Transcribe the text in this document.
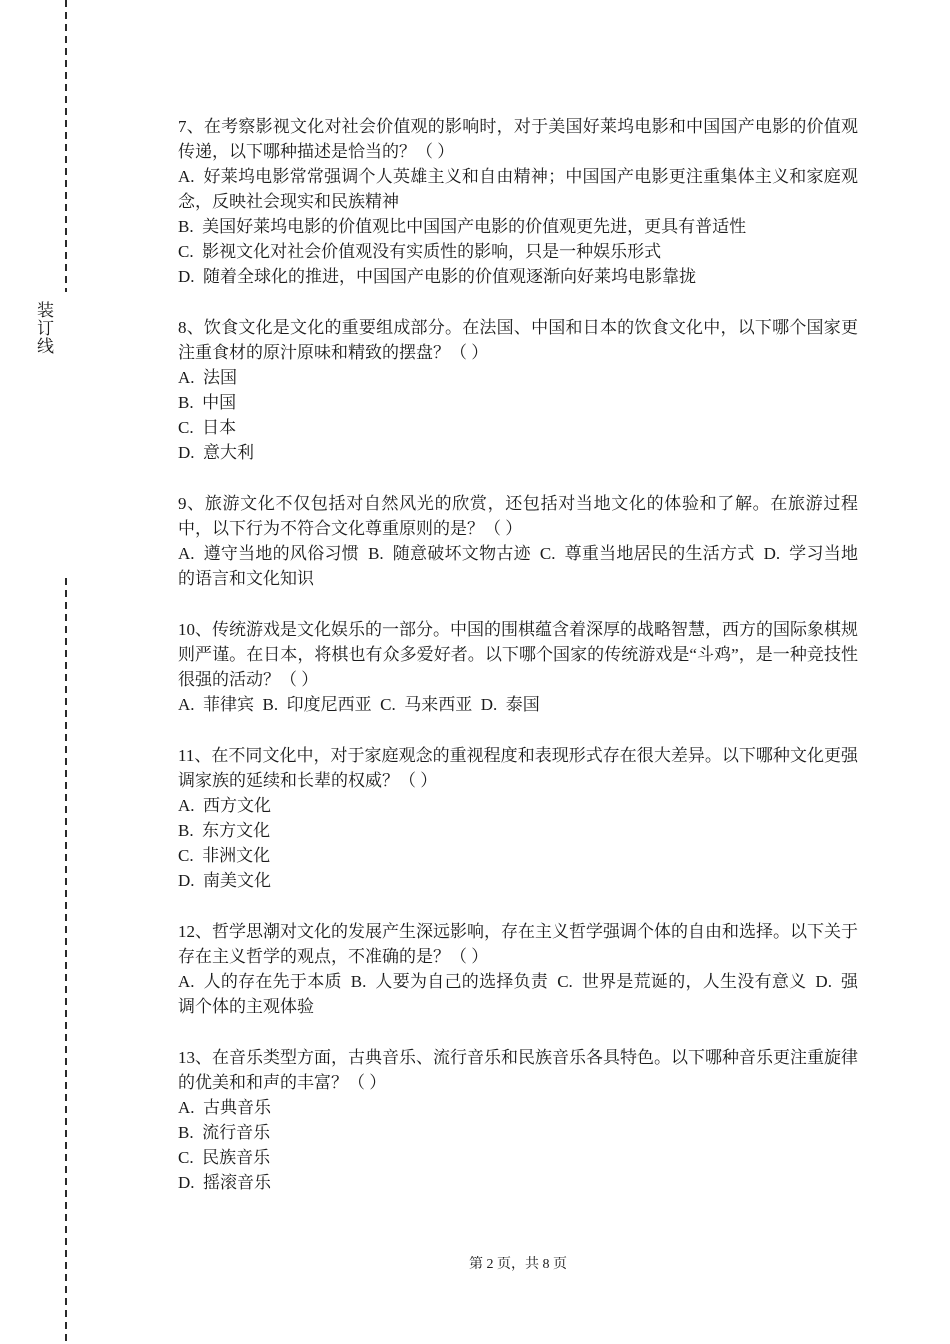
装订线

7、在考察影视文化对社会价值观的影响时，对于美国好莱坞电影和中国国产电影的价值观传递，以下哪种描述是恰当的？（ ）

A.  好莱坞电影常常强调个人英雄主义和自由精神；中国国产电影更注重集体主义和家庭观念，反映社会现实和民族精神

B.  美国好莱坞电影的价值观比中国国产电影的价值观更先进，更具有普适性

C.  影视文化对社会价值观没有实质性的影响，只是一种娱乐形式

D.  随着全球化的推进，中国国产电影的价值观逐渐向好莱坞电影靠拢

8、饮食文化是文化的重要组成部分。在法国、中国和日本的饮食文化中，以下哪个国家更注重食材的原汁原味和精致的摆盘？（ ）

A.  法国

B.  中国

C.  日本

D.  意大利

9、旅游文化不仅包括对自然风光的欣赏，还包括对当地文化的体验和了解。在旅游过程中，以下行为不符合文化尊重原则的是？（ ）

A.  遵守当地的风俗习惯  B.  随意破坏文物古迹  C.  尊重当地居民的生活方式  D.  学习当地的语言和文化知识

10、传统游戏是文化娱乐的一部分。中国的围棋蕴含着深厚的战略智慧，西方的国际象棋规则严谨。在日本，将棋也有众多爱好者。以下哪个国家的传统游戏是“斗鸡”，是一种竞技性很强的活动？（ ）

A.  菲律宾  B.  印度尼西亚  C.  马来西亚  D.  泰国

11、在不同文化中，对于家庭观念的重视程度和表现形式存在很大差异。以下哪种文化更强调家族的延续和长辈的权威？（ ）

A.  西方文化

B.  东方文化

C.  非洲文化

D.  南美文化

12、哲学思潮对文化的发展产生深远影响，存在主义哲学强调个体的自由和选择。以下关于存在主义哲学的观点，不准确的是？（ ）

A.  人的存在先于本质  B.  人要为自己的选择负责  C.  世界是荒诞的，人生没有意义  D.  强调个体的主观体验

13、在音乐类型方面，古典音乐、流行音乐和民族音乐各具特色。以下哪种音乐更注重旋律的优美和和声的丰富？（ ）

A.  古典音乐

B.  流行音乐

C.  民族音乐

D.  摇滚音乐

第 2 页，共 8 页
